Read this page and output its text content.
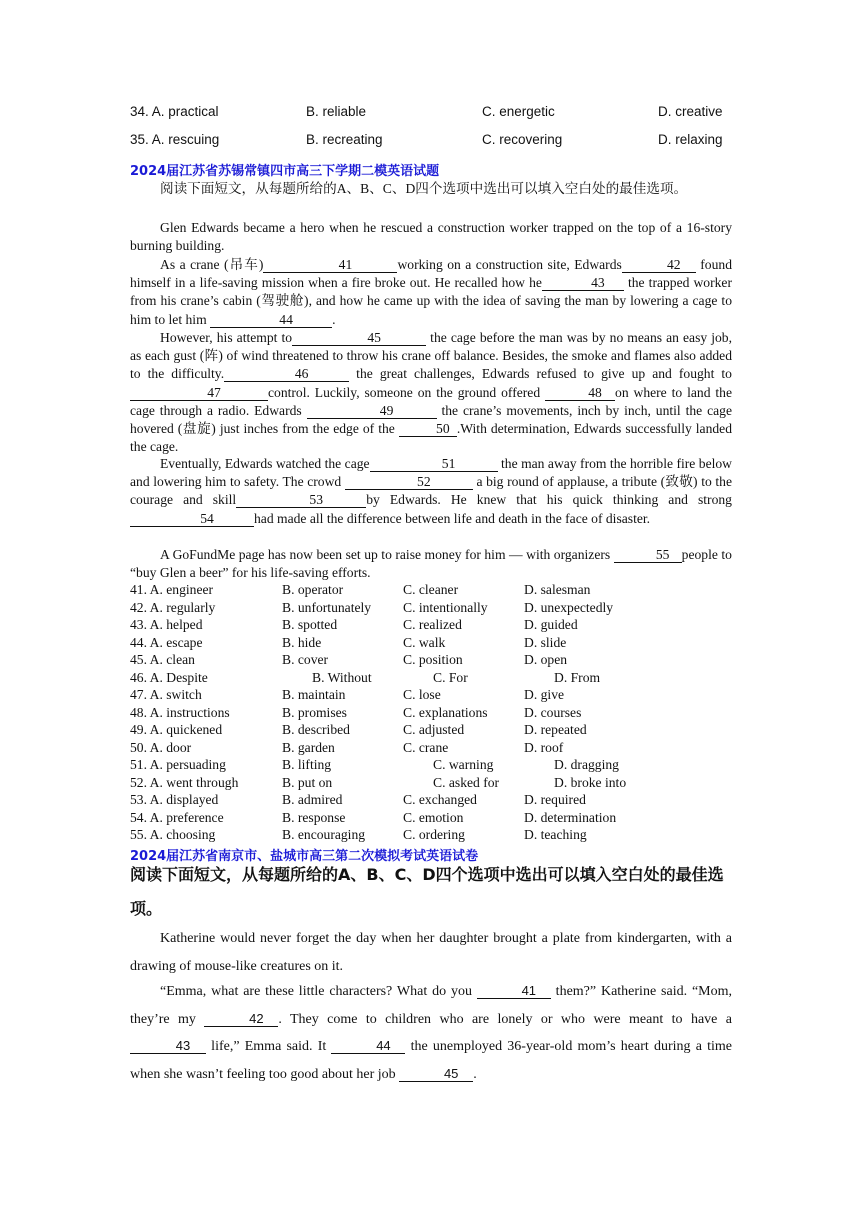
34. A. practical	B. reliable	C. energetic	D. creative
35. A. rescuing	B. recreating	C. recovering	D. relaxing
2024届江苏省苏锡常镇四市高三下学期二模英语试题
阅读下面短文，从每题所给的A、B、C、D四个选项中选出可以填入空白处的最佳选项。
Glen Edwards became a hero when he rescued a construction worker trapped on the top of a 16-story burning building.
As a crane (吊车)	41	working on a construction site, Edwards	42 found himself in a life-saving mission when a fire broke out. He recalled how he	43 the trapped worker from his crane’s cabin (驾驶舱), and how he came up with the idea of saving the man by lowering a cage to him to let him	44	.
However, his attempt to	45	the cage before the man was by no means an easy job, as each gust (阵) of wind threatened to throw his crane off balance. Besides, the smoke and flames also added to the difficulty.	46	the great challenges, Edwards refused to give up and fought to47	control. Luckily, someone on the ground offered	48 on where to land the cage through a radio. Edwards	49	the crane’s movements, inch by inch, until the cage hovered (盘旋) just inches from the edge of the	50 .With determination, Edwards successfully landed the cage.
Eventually, Edwards watched the cage	51	the man away from the horrible fire below and lowering him to safety. The crowd	52	a big round of applause, a tribute (致敬) to the courage and skill	53	by Edwards. He knew that his quick thinking and strong 54	had made all the difference between life and death in the face of disaster.
A GoFundMe page has now been set up to raise money for him — with organizers	55 people to “buy Glen a beer” for his life-saving efforts.
41. A. engineer	B. operator	C. cleaner	D. salesman
42. A. regularly	B. unfortunately C. intentionally	D. unexpectedly
43. A. helped	B. spotted	C. realized	D. guided
44. A. escape	B. hide	C. walk	D. slide
45. A. clean	B. cover	C. position	D. open
46. A. Despite	B. Without	C. For	D. From
47. A. switch	B. maintain	C. lose	D. give
48. A. instructions	B. promises	C. explanations	D. courses
49. A. quickened	B. described	C. adjusted	D. repeated
50. A. door	B. garden	C. crane	D. roof
51. A. persuading	B. lifting	C. warning	D. dragging
52. A. went through	B. put on	C. asked for	D. broke into
53. A. displayed	B. admired	C. exchanged	D. required
54. A. preference	B. response	C. emotion	D. determination
55. A. choosing	B. encouraging	C. ordering	D. teaching
2024届江苏省南京市、盐城市高三第二次模拟考试英语试卷
阅读下面短文，从每题所给的A、B、C、D四个选项中选出可以填入空白处的最佳选项。
Katherine would never forget the day when her daughter brought a plate from kindergarten, with a drawing of mouse-like creatures on it.
“Emma, what are these little characters? What do you	41 them?” Katherine said. “Mom, they’re my	42 . They come to children who are lonely or who were meant to have a 43 life,” Emma said. It	44 the unemployed 36-year-old mom’s heart during a time when she wasn’t feeling too good about her job	45 .
